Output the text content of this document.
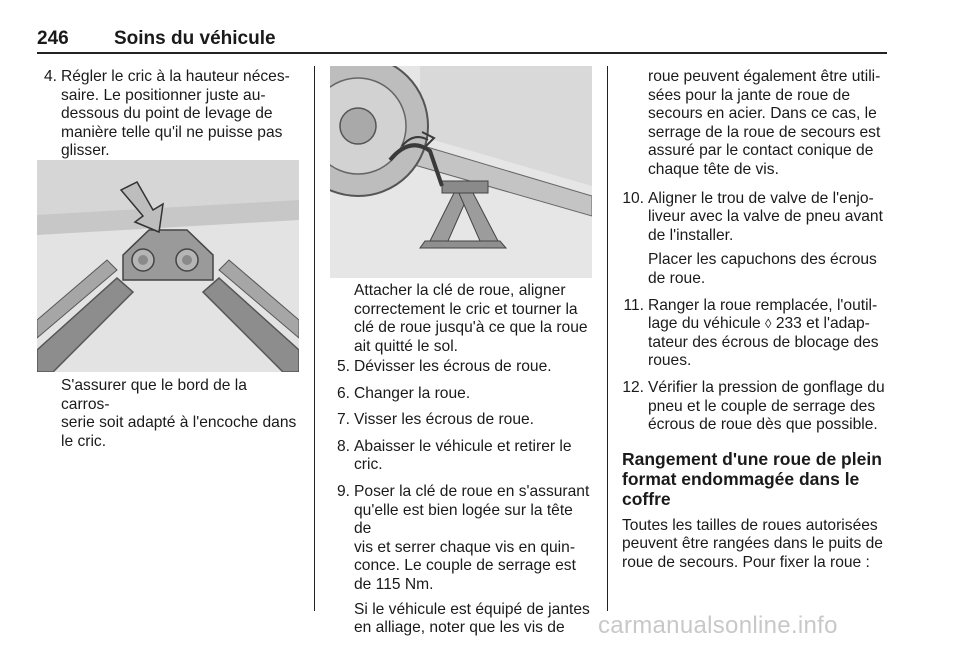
246 Soins du véhicule
4. Régler le cric à la hauteur néces-
saire. Le positionner juste au-
dessous du point de levage de
manière telle qu'il ne puisse pas
glisser.
S'assurer que le bord de la carros-
serie soit adapté à l'encoche dans
le cric.
Attacher la clé de roue, aligner
correctement le cric et tourner la
clé de roue jusqu'à ce que la roue
ait quitté le sol.
5. Dévisser les écrous de roue.
6. Changer la roue.
7. Visser les écrous de roue.
8. Abaisser le véhicule et retirer le
cric.
9. Poser la clé de roue en s'assurant
qu'elle est bien logée sur la tête de
vis et serrer chaque vis en quin-
conce. Le couple de serrage est
de 115 Nm.
Si le véhicule est équipé de jantes
en alliage, noter que les vis de
roue peuvent également être utili-
sées pour la jante de roue de
secours en acier. Dans ce cas, le
serrage de la roue de secours est
assuré par le contact conique de
chaque tête de vis.
10. Aligner le trou de valve de l'enjo-
liveur avec la valve de pneu avant
de l'installer.
Placer les capuchons des écrous
de roue.
11. Ranger la roue remplacée, l'outil-
lage du véhicule ◊ 233 et l'adap-
tateur des écrous de blocage des
roues.
12. Vérifier la pression de gonflage du
pneu et le couple de serrage des
écrous de roue dès que possible.
Rangement d'une roue de plein
format endommagée dans le
coffre
Toutes les tailles de roues autorisées
peuvent être rangées dans le puits de
roue de secours. Pour fixer la roue :
carmanualsonline.info
